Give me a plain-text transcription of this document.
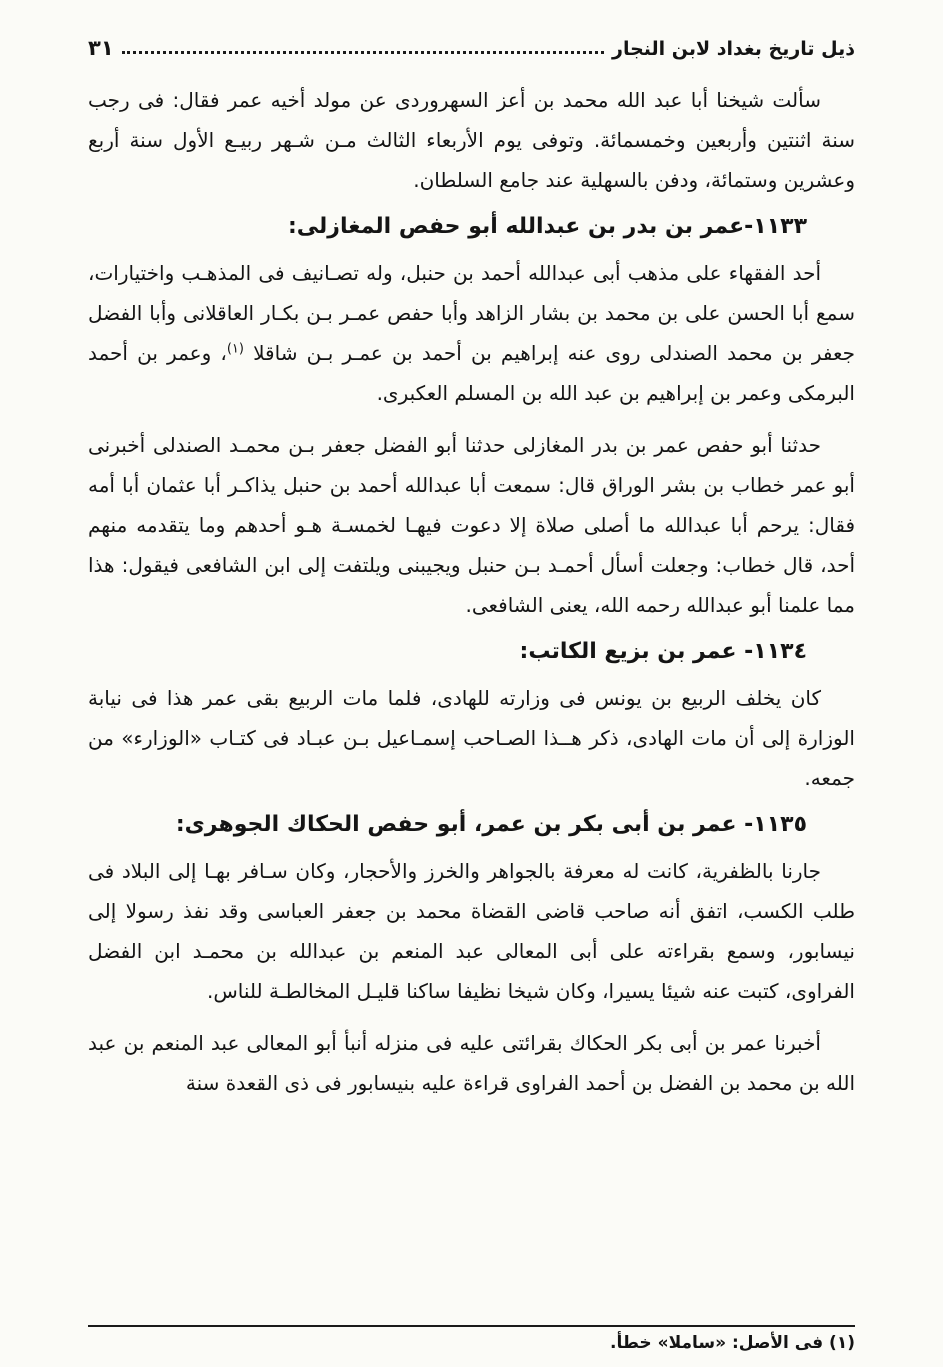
ذيل تاريخ بغداد لابن النجار
٣١

سألت شيخنا أبا عبد الله محمد بن أعز السهروردى عن مولد أخيه عمر فقال: فى رجب سنة اثنتين وأربعين وخمسمائة. وتوفى يوم الأربعاء الثالث مـن شـهر ربيـع الأول سنة أربع وعشرين وستمائة، ودفن بالسهلية عند جامع السلطان.

١١٣٣-عمر بن بدر بن عبدالله أبو حفص المغازلى:

أحد الفقهاء على مذهب أبى عبدالله أحمد بن حنبل، وله تصـانيف فى المذهـب واختيارات، سمع أبا الحسن على بن محمد بن بشار الزاهد وأبا حفص عمـر بـن بكـار العاقلانى وأبا الفضل جعفر بن محمد الصندلى روى عنه إبراهيم بن أحمد بن عمـر بـن شاقلا $^{(١)}$، وعمر بن أحمد البرمكى وعمر بن إبراهيم بن عبد الله بن المسلم العكبرى.

حدثنا أبو حفص عمر بن بدر المغازلى حدثنا أبو الفضل جعفر بـن محمـد الصندلى أخبرنى أبو عمر خطاب بن بشر الوراق قال: سمعت أبا عبدالله أحمد بن حنبل يذاكـر أبا عثمان أبا أمه فقال: يرحم أبا عبدالله ما أصلى صلاة إلا دعوت فيهـا لخمسـة هـو أحدهم وما يتقدمه منهم أحد، قال خطاب: وجعلت أسأل أحمـد بـن حنبل ويجيبنى ويلتفت إلى ابن الشافعى فيقول: هذا مما علمنا أبو عبدالله رحمه الله، يعنى الشافعى.

١١٣٤- عمر بن بزيع الكاتب:

كان يخلف الربيع بن يونس فى وزارته للهادى، فلما مات الربيع بقى عمر هذا فى نيابة الوزارة إلى أن مات الهادى، ذكر هــذا الصـاحب إسمـاعيل بـن عبـاد فى كتـاب «الوزارء» من جمعه.

١١٣٥- عمر بن أبى بكر بن عمر، أبو حفص الحكاك الجوهرى:

جارنا بالظفرية، كانت له معرفة بالجواهر والخرز والأحجار، وكان سـافر بهـا إلى البلاد فى طلب الكسب، اتفق أنه صاحب قاضى القضاة محمد بن جعفر العباسى وقد نفذ رسولا إلى نيسابور، وسمع بقراءته على أبى المعالى عبد المنعم بن عبدالله بن محمـد ابن الفضل الفراوى، كتبت عنه شيئا يسيرا، وكان شيخا نظيفا ساكنا قليـل المخالطـة للناس.

أخبرنا عمر بن أبى بكر الحكاك بقرائتى عليه فى منزله أنبأ أبو المعالى عبد المنعم بن عبد الله بن محمد بن الفضل بن أحمد الفراوى قراءة عليه بنيسابور فى ذى القعدة سنة

(١) فى الأصل: «ساملا» خطأ.
